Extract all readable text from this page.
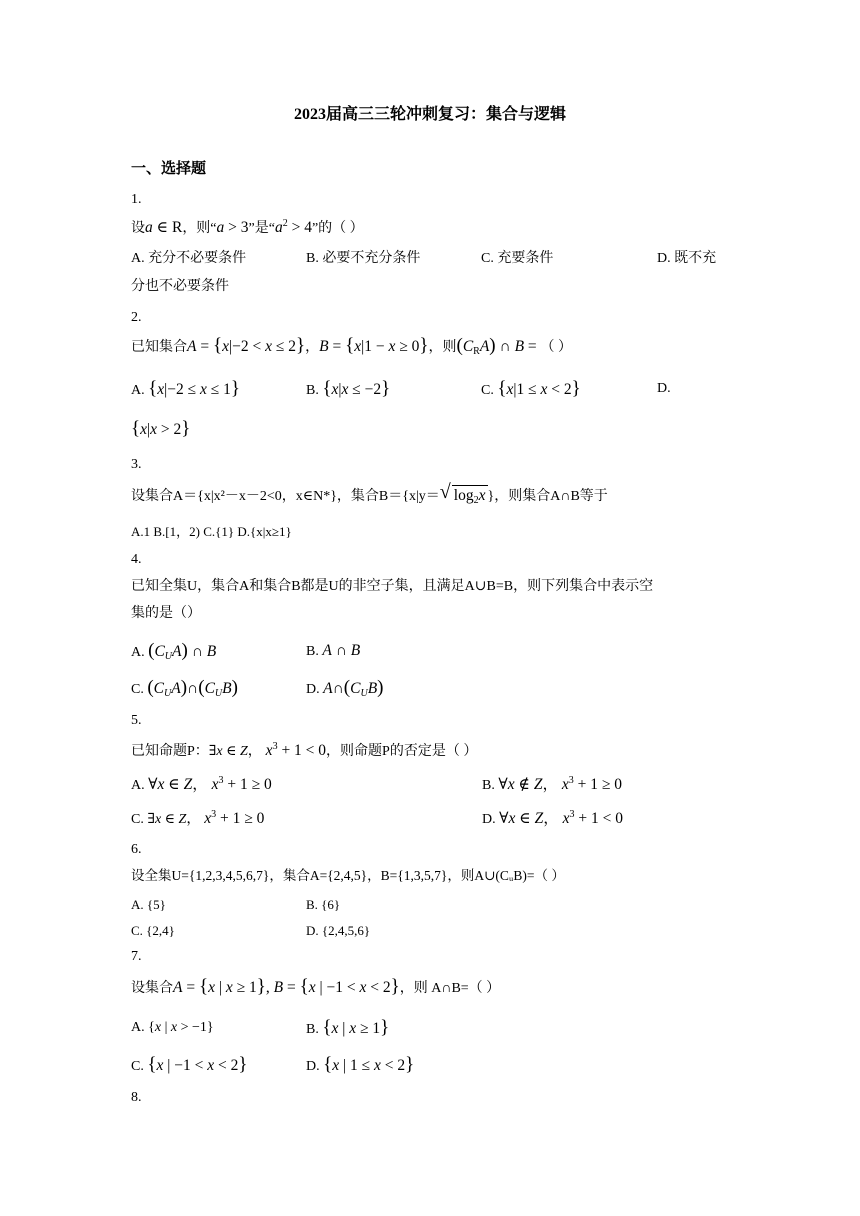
2023届高三三轮冲刺复习：集合与逻辑
一、选择题
1.
设a ∈ R，则“a > 3”是“$a^2 > 4$”的（ ）
A. 充分不必要条件	B. 必要不充分条件	C. 充要条件	D. 既不充
分也不必要条件
2.
已知集合A = {x|−2 < x ≤ 2}，B = {x|1 − x ≥ 0}，则$(C_RA)$ ∩ B = （ ）
A. {x|−2 ≤ x ≤ 1}	B. {x|x ≤ −2}	C. {x|1 ≤ x < 2}	D.
{x|x > 2}
3.
设集合A＝{x|x²－x－2<0，x∈N*}，集合B＝{x|y＝ √ $\log_2x$ }，则集合A∩B等于
A.1 B.[1，2) C.{1} D.{x|x≥1}
4.
已知全集U，集合A和集合B都是U的非空子集，且满足A∪B=B，则下列集合中表示空
集的是（）
A. $(C_UA)$ ∩ B	B. A ∩ B
C. $(C_UA)\cap(C_UB)$	D. $A\cap(C_UB)$
5.
已知命题P：∃x ∈ Z， $x^3 + 1 < 0$，则命题P的否定是（ ）
A. ∀x ∈ Z， $x^3 + 1 \ge 0$	B. ∀x ∉ Z， $x^3 + 1 \ge 0$
C. ∃x ∈ Z， $x^3 + 1 \ge 0$	D. ∀x ∈ Z， $x^3 + 1 < 0$
6.
设全集U={1,2,3,4,5,6,7}，集合A={2,4,5}，B={1,3,5,7}，则A∪(CᵤB)=（ ）
A. {5}	B. {6}
C. {2,4}	D. {2,4,5,6}
7.
设集合A = {x | x ≥ 1}, B = {x | −1 < x < 2}，则 A∩B=（ ）
A. {x | x > −1}	B. {x | x ≥ 1}
C. {x | −1 < x < 2}	D. {x | 1 ≤ x < 2}
8.
